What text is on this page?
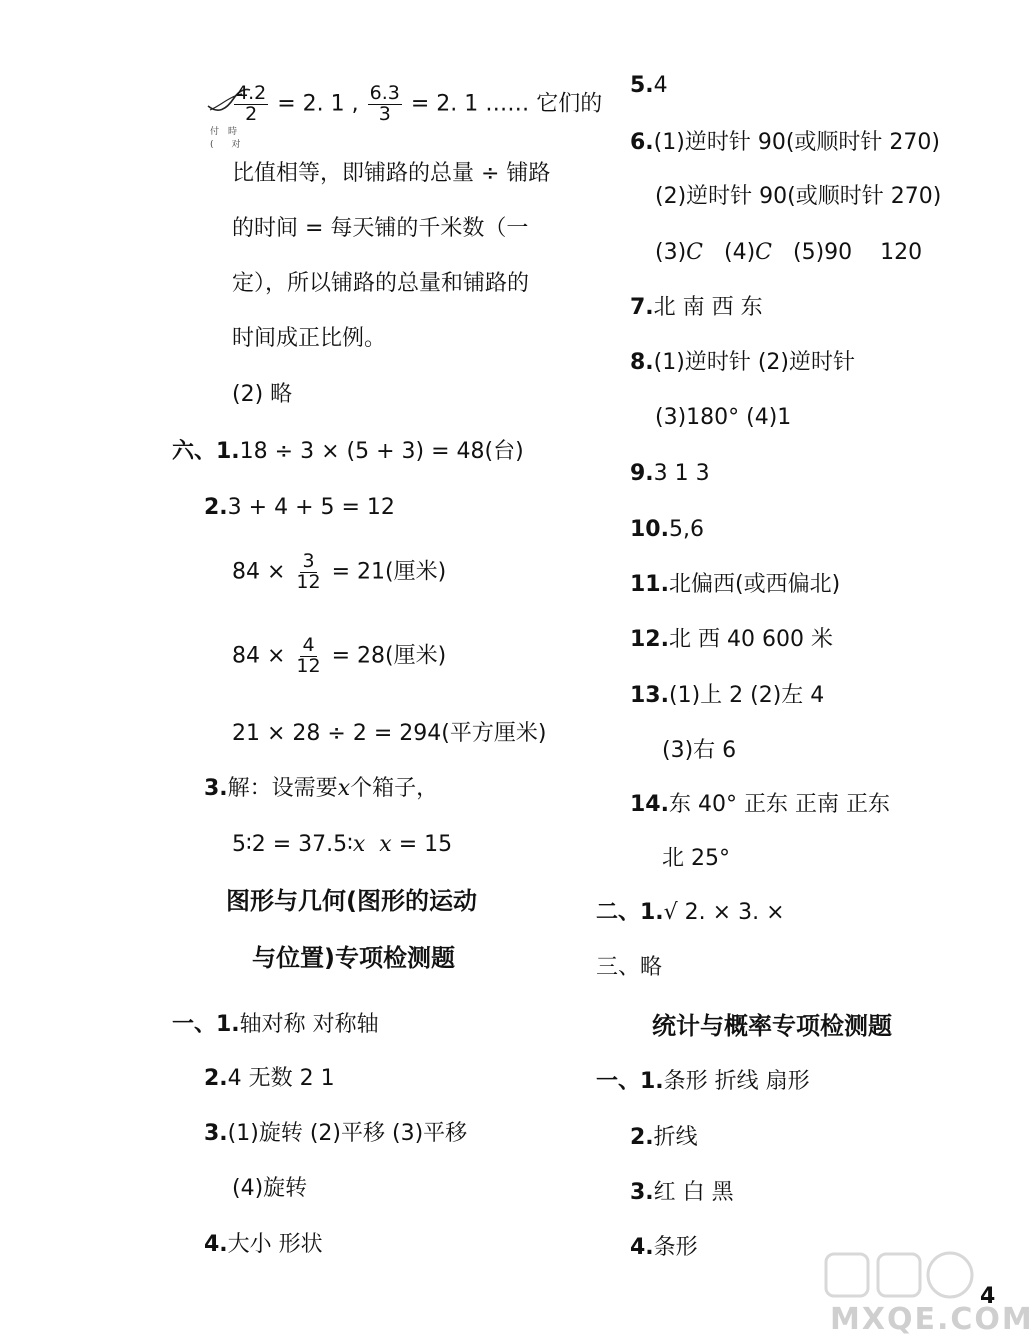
付　時
(　　对
$\frac{4.2}{2} = 2$. 1 , $\frac{6.3}{3} = 2$. 1 …… 它们的
比值相等，即铺路的总量 ÷ 铺路
的时间 = 每天铺的千米数（一
定），所以铺路的总量和铺路的
时间成正比例。
(2) 略
六、1.18 ÷ 3 × (5 + 3) = 48(台)
2.3 + 4 + 5 = 12
$84 \times \frac{3}{12} = 21$(厘米)
$84 \times \frac{4}{12} = 28$(厘米)
21 × 28 ÷ 2 = 294(平方厘米)
3.解：设需要x个箱子，
5∶2 = 37.5∶x x = 15
图形与几何(图形的运动
与位置)专项检测题
一、1.轴对称 对称轴
2.4 无数 2 1
3.(1)旋转 (2)平移 (3)平移
(4)旋转
4.大小 形状
5.4
6.(1)逆时针 90(或顺时针 270)
(2)逆时针 90(或顺时针 270)
(3)C   (4)C   (5)90    120
7.北 南 西 东
8.(1)逆时针 (2)逆时针
(3)180° (4)1
9.3 1 3
10.5,6
11.北偏西(或西偏北)
12.北 西 40 600 米
13.(1)上 2 (2)左 4
(3)右 6
14.东 40° 正东 正南 正东
北 25°
二、1.√ 2. × 3. ×
三、略
统计与概率专项检测题
一、1.条形 折线 扇形
2.折线
3.红 白 黑
4.条形
MXQE.COM
4
